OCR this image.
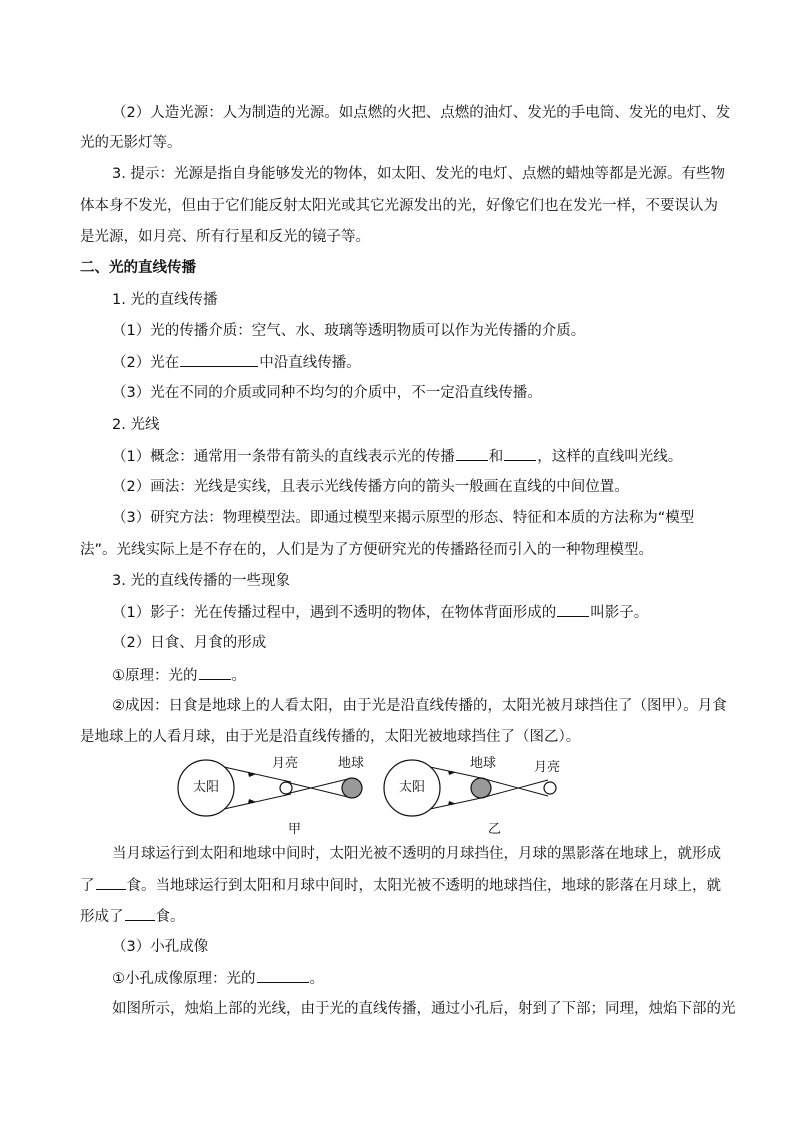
（2）人造光源：人为制造的光源。如点燃的火把、点燃的油灯、发光的手电筒、发光的电灯、发
光的无影灯等。
3. 提示：光源是指自身能够发光的物体，如太阳、发光的电灯、点燃的蜡烛等都是光源。有些物
体本身不发光，但由于它们能反射太阳光或其它光源发出的光，好像它们也在发光一样，不要误认为
是光源，如月亮、所有行星和反光的镜子等。
二、光的直线传播
1. 光的直线传播
（1）光的传播介质：空气、水、玻璃等透明物质可以作为光传播的介质。
（2）光在	中沿直线传播。
（3）光在不同的介质或同种不均匀的介质中，不一定沿直线传播。
2. 光线
（1）概念：通常用一条带有箭头的直线表示光的传播 和 ，这样的直线叫光线。
（2）画法：光线是实线，且表示光线传播方向的箭头一般画在直线的中间位置。
（3）研究方法：物理模型法。即通过模型来揭示原型的形态、特征和本质的方法称为“模型
法”。光线实际上是不存在的，人们是为了方便研究光的传播路径而引入的一种物理模型。
3. 光的直线传播的一些现象
（1）影子：光在传播过程中，遇到不透明的物体，在物体背面形成的 叫影子。
（2）日食、月食的形成
①原理：光的 。
②成因：日食是地球上的人看太阳，由于光是沿直线传播的，太阳光被月球挡住了（图甲）。月食
是地球上的人看月球，由于光是沿直线传播的，太阳光被地球挡住了（图乙）。
太阳
月亮	地球
甲
太阳
地球	月亮
乙
当月球运行到太阳和地球中间时，太阳光被不透明的月球挡住，月球的黑影落在地球上，就形成
了 食。当地球运行到太阳和月球中间时，太阳光被不透明的地球挡住，地球的影落在月球上，就
形成了 食。
（3）小孔成像
①小孔成像原理：光的	。
如图所示，烛焰上部的光线，由于光的直线传播，通过小孔后，射到了下部；同理，烛焰下部的光
